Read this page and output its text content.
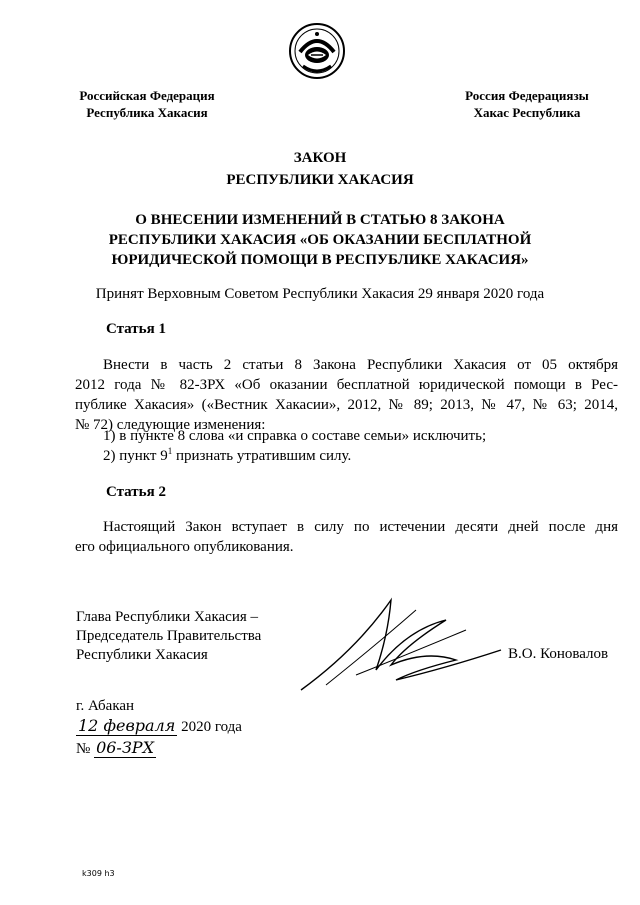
Российская Федерация
Республика Хакасия
Россия Федерациязы
Хакас Республика
ЗАКОН
РЕСПУБЛИКИ ХАКАСИЯ
О ВНЕСЕНИИ ИЗМЕНЕНИЙ В СТАТЬЮ 8 ЗАКОНА
РЕСПУБЛИКИ ХАКАСИЯ «ОБ ОКАЗАНИИ БЕСПЛАТНОЙ
ЮРИДИЧЕСКОЙ ПОМОЩИ В РЕСПУБЛИКЕ ХАКАСИЯ»
Принят Верховным Советом Республики Хакасия 29 января 2020 года
Статья 1
Внести в часть 2 статьи 8 Закона Республики Хакасия от 05 октября
2012 года № 82-ЗРХ «Об оказании бесплатной юридической помощи в Рес-
публике Хакасия» («Вестник Хакасии», 2012, № 89; 2013, № 47, № 63; 2014,
№ 72) следующие изменения:
1) в пункте 8 слова «и справка о составе семьи» исключить;
2) пункт $9^1$ признать утратившим силу.
Статья 2
Настоящий Закон вступает в силу по истечении десяти дней после дня
его официального опубликования.
Глава Республики Хакасия –
Председатель Правительства
Республики Хакасия	В.О. Коновалов
г. Абакан
12 февраля 2020 года
№ 06-ЗРХ
k309 h3
